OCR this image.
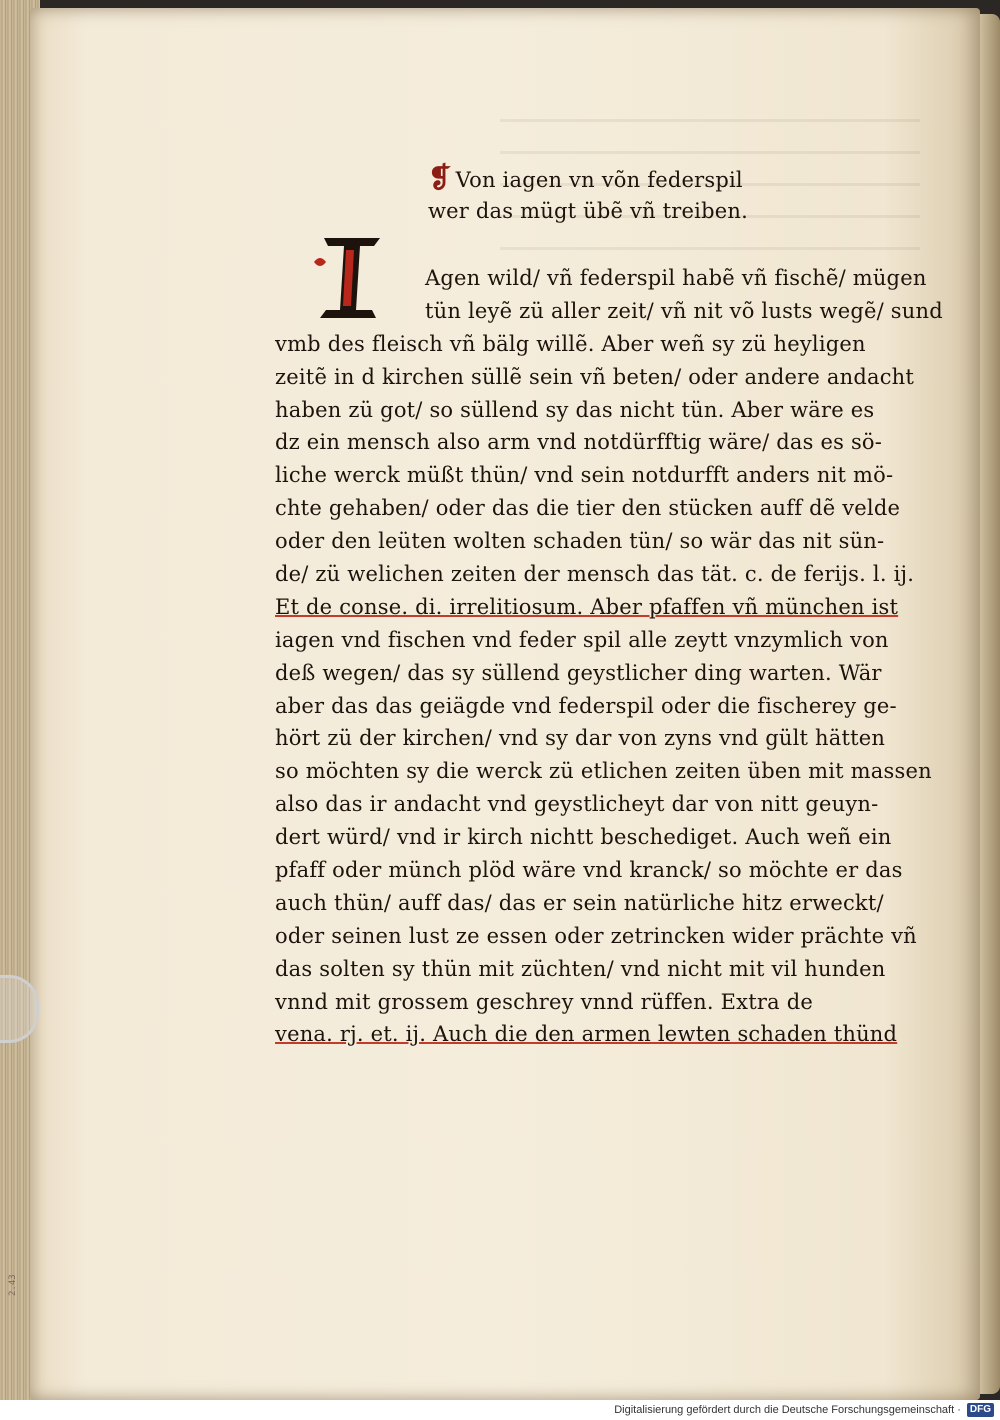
2.43
❡ Von iagen vn võn federspil
wer das mügt übẽ vñ treiben.
I
Agen wild/ vñ federspil habẽ vñ fischẽ/ mügen
tün leyẽ zü aller zeit/ vñ nit võ lusts wegẽ/ sund
vmb des fleisch vñ bälg willẽ. Aber weñ sy zü heyligen
zeitẽ in d kirchen süllẽ sein vñ beten/ oder andere andacht
haben zü got/ so süllend sy das nicht tün. Aber wäre es
dz ein mensch also arm vnd notdürfftig wäre/ das es sö-
liche werck müßt thün/ vnd sein notdurfft anders nit mö-
chte gehaben/ oder das die tier den stücken auff dẽ velde
oder den leüten wolten schaden tün/ so wär das nit sün-
de/ zü welichen zeiten der mensch das tät. c. de ferijs. l. ij.
Et de conse. di. irrelitiosum. Aber pfaffen vñ münchen ist
iagen vnd fischen vnd feder spil alle zeytt vnzymlich von
deß wegen/ das sy süllend geystlicher ding warten. Wär
aber das das geiägde vnd federspil oder die fischerey ge-
hört zü der kirchen/ vnd sy dar von zyns vnd gült hätten
so möchten sy die werck zü etlichen zeiten üben mit massen
also das ir andacht vnd geystlicheyt dar von nitt geuyn-
dert würd/ vnd ir kirch nichtt beschediget. Auch weñ ein
pfaff oder münch plöd wäre vnd kranck/ so möchte er das
auch thün/ auff das/ das er sein natürliche hitz erweckt/
oder seinen lust ze essen oder zetrincken wider prächte vñ
das solten sy thün mit züchten/ vnd nicht mit vil hunden
vnnd mit grossem geschrey vnnd rüffen. Extra de
vena. rj. et. ij. Auch die den armen lewten schaden thünd
Digitalisierung gefördert durch die Deutsche Forschungsgemeinschaft · DFG
